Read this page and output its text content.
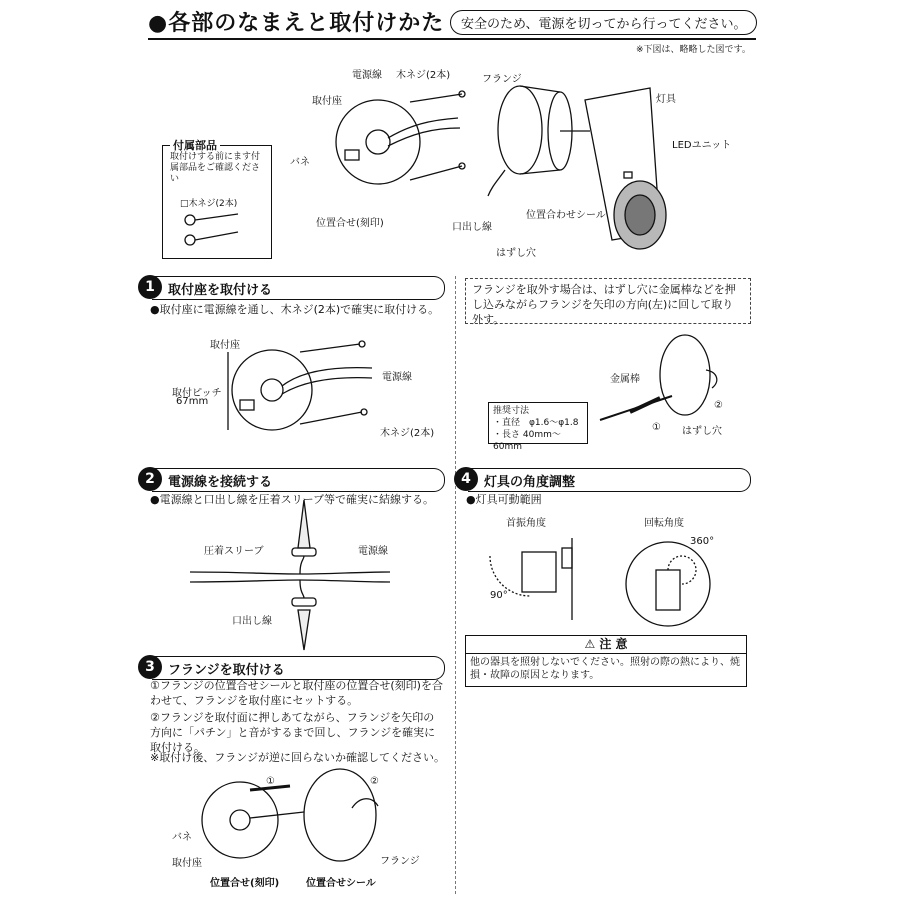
●各部のなまえと取付けかた	安全のため、電源を切ってから行ってください。
※下図は、略略した図です。
電源線 木ネジ(2本)
取付座
バネ
位置合せ(刻印)
フランジ
灯具
LEDユニット
口出し線
位置合わせシール
はずし穴
付属部品
取付けする前にます付属部品をご確認ください
□木ネジ(2本)
1	取付座を取付ける
●取付座に電源線を通し、木ネジ(2本)で確実に取付ける。
取付座
取付ピッチ
67mm
電源線
木ネジ(2本)
2	電源線を接続する
●電源線と口出し線を圧着スリーブ等で確実に結線する。
圧着スリーブ	電源線
口出し線
3	フランジを取付ける
①フランジの位置合せシールと取付座の位置合せ(刻印)を合わせて、フランジを取付座にセットする。
②フランジを取付面に押しあてながら、フランジを矢印の方向に「パチン」と音がするまで回し、フランジを確実に取付ける。
※取付け後、フランジが逆に回らないか確認してください。
①	②
バネ
取付座	フランジ
位置合せ(刻印)	位置合せシール
フランジを取外す場合は、はずし穴に金属棒などを押し込みながらフランジを矢印の方向(左)に回して取り外す。
金属棒
推奨寸法
・直径　φ1.6〜φ1.8
・長さ 40mm〜60mm
①
②
はずし穴
4	灯具の角度調整
●灯具可動範囲
首振角度	回転角度
90°
360°
⚠ 注 意
他の器具を照射しないでください。照射の際の熱により、焼損・故障の原因となります。
